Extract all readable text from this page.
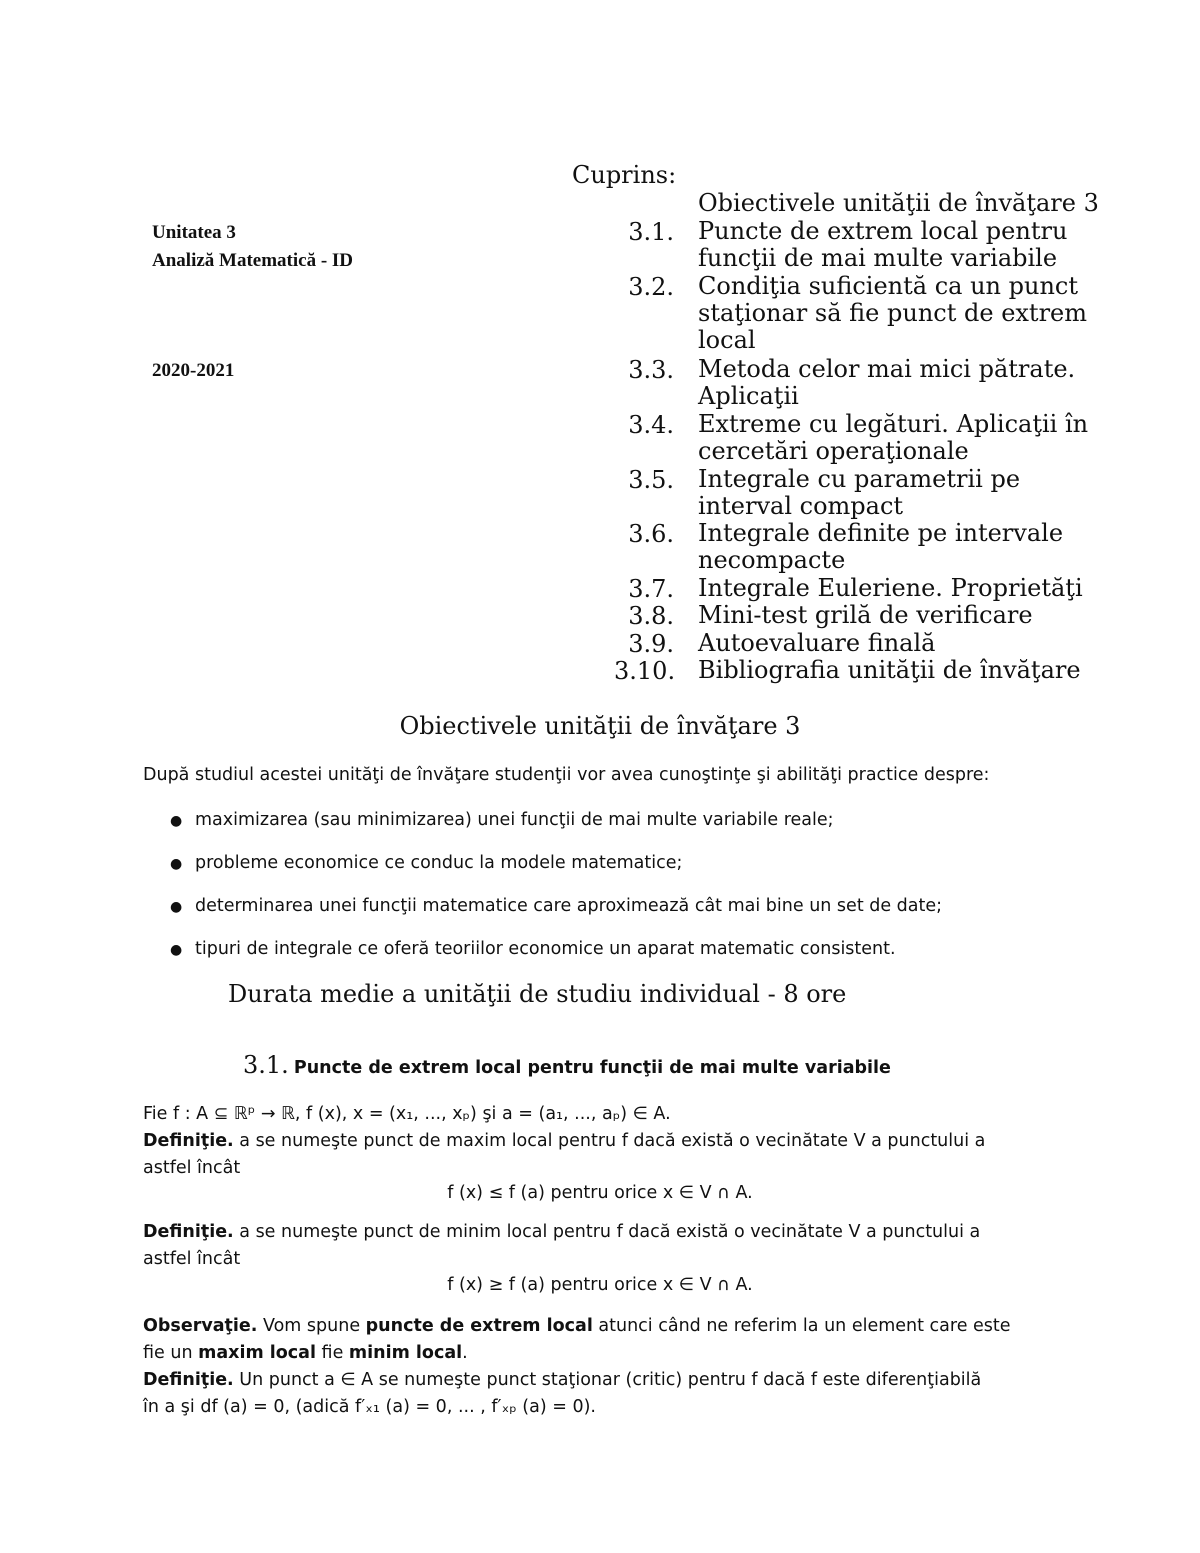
Unitatea 3
Analiză Matematică - ID
2020-2021
Cuprins:
Obiectivele unităţii de învăţare 3
3.1. Puncte de extrem local pentru funcţii de mai multe variabile
3.2. Condiţia suficientă ca un punct staţionar să fie punct de extrem local
3.3. Metoda celor mai mici pătrate. Aplicaţii
3.4. Extreme cu legături. Aplicaţii în cercetări operaţionale
3.5. Integrale cu parametrii pe interval compact
3.6. Integrale definite pe intervale necompacte
3.7. Integrale Euleriene. Proprietăţi
3.8. Mini-test grilă de verificare
3.9. Autoevaluare finală
3.10. Bibliografia unităţii de învăţare
Obiectivele unităţii de învăţare 3
După studiul acestei unităţi de învăţare studenţii vor avea cunoştinţe şi abilităţi practice despre:
● maximizarea (sau minimizarea) unei funcţii de mai multe variabile reale;
● probleme economice ce conduc la modele matematice;
● determinarea unei funcţii matematice care aproximează cât mai bine un set de date;
● tipuri de integrale ce oferă teoriilor economice un aparat matematic consistent.
Durata medie a unităţii de studiu individual - 8 ore
3.1. Puncte de extrem local pentru funcţii de mai multe variabile
Fie f : A ⊆ ℝᵖ → ℝ, f (x), x = (x₁, ..., xₚ) şi a = (a₁, ..., aₚ) ∈ A.
Definiţie. a se numeşte punct de maxim local pentru f dacă există o vecinătate V a punctului a
astfel încât
f (x) ≤ f (a) pentru orice x ∈ V ∩ A.
Definiţie. a se numeşte punct de minim local pentru f dacă există o vecinătate V a punctului a
astfel încât
f (x) ≥ f (a) pentru orice x ∈ V ∩ A.
Observaţie. Vom spune puncte de extrem local atunci când ne referim la un element care este
fie un maxim local fie minim local.
Definiţie. Un punct a ∈ A se numeşte punct staţionar (critic) pentru f dacă f este diferenţiabilă
în a şi df (a) = 0, (adică f′ₓ₁ (a) = 0, ... , f′ₓₚ (a) = 0).
